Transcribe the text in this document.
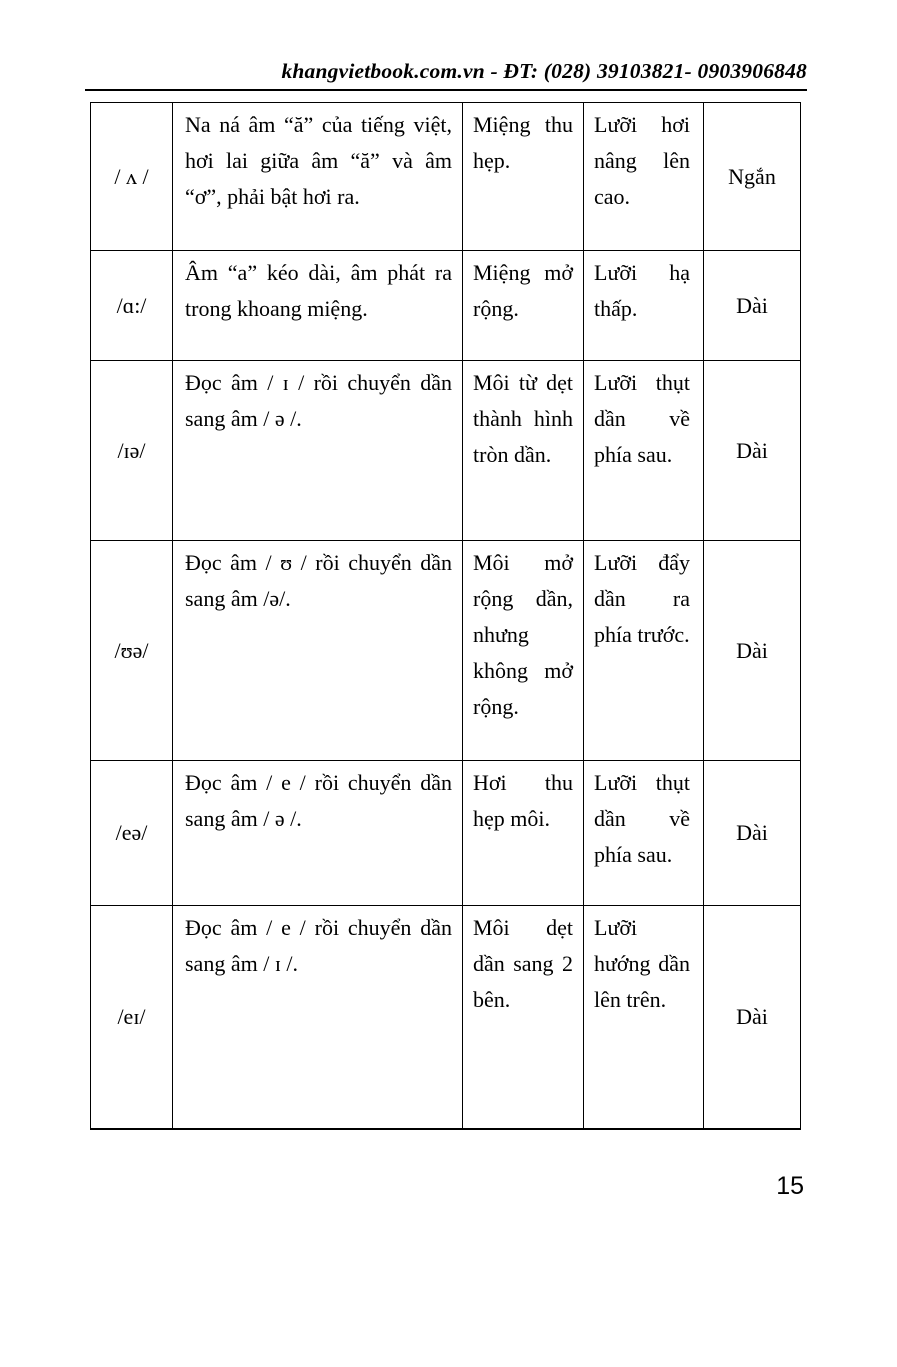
khangvietbook.com.vn - ĐT: (028) 39103821- 0903906848
/ ʌ /	Na ná âm “ă” của tiếng việt, hơi lai giữa âm “ă” và âm “ơ”, phải bật hơi ra.	Miệng thu hẹp.	Lưỡi hơi nâng lên cao.	Ngắn
/ɑ:/	Âm “a” kéo dài, âm phát ra trong khoang miệng.	Miệng mở rộng.	Lưỡi hạ thấp.	Dài
/ɪə/	Đọc âm / ɪ / rồi chuyển dần sang âm / ə /.	Môi từ dẹt thành hình tròn dần.	Lưỡi thụt dần về phía sau.	Dài
/ʊə/	Đọc âm / ʊ / rồi chuyển dần sang âm /ə/.	Môi mở rộng dần, nhưng không mở rộng.	Lưỡi đẩy dần ra phía trước.	Dài
/eə/	Đọc âm / e / rồi chuyển dần sang âm / ə /.	Hơi thu hẹp môi.	Lưỡi thụt dần về phía sau.	Dài
/eɪ/	Đọc âm / e / rồi chuyển dần sang âm / ɪ /.	Môi dẹt dần sang 2 bên.	Lưỡi hướng dần lên trên.	Dài
15
